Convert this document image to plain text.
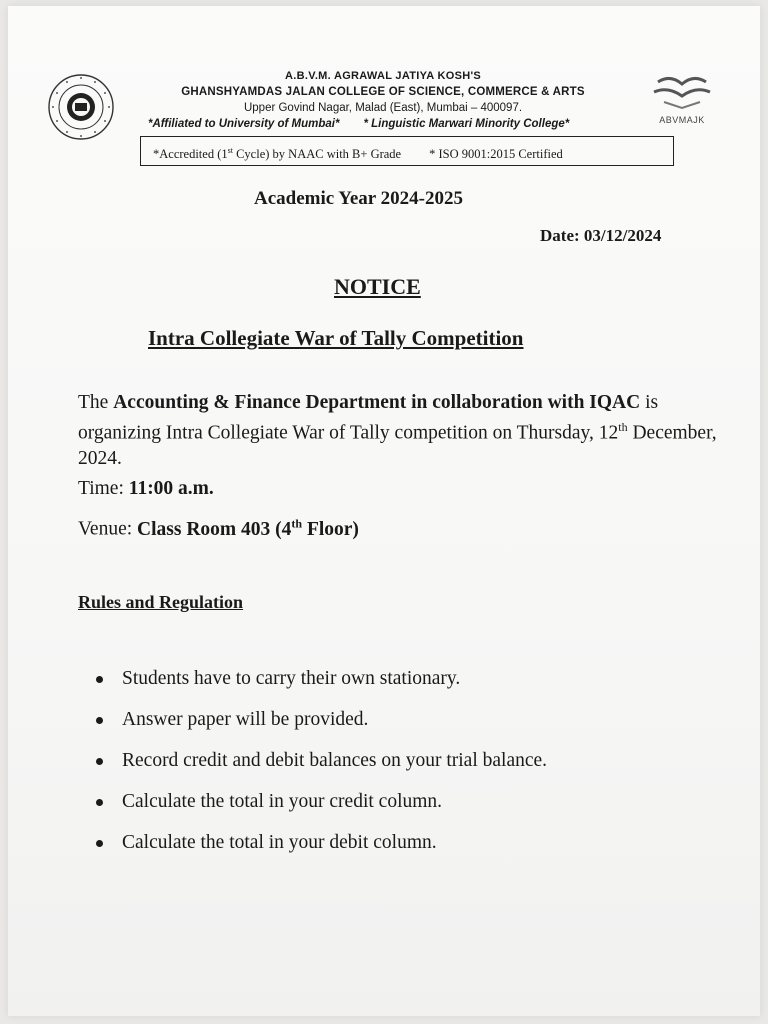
ABVMAJK
A.B.V.M. AGRAWAL JATIYA KOSH'S
GHANSHYAMDAS JALAN COLLEGE OF SCIENCE, COMMERCE & ARTS
Upper Govind Nagar, Malad (East), Mumbai – 400097.
*Affiliated to University of Mumbai* * Linguistic Marwari Minority College*
*Accredited (1st Cycle) by NAAC with B+ Grade * ISO 9001:2015 Certified
Academic Year 2024-2025
Date: 03/12/2024
NOTICE
Intra Collegiate War of Tally Competition
The Accounting & Finance Department in collaboration with IQAC is organizing Intra Collegiate War of Tally competition on Thursday, 12th December, 2024.
Time: 11:00 a.m.
Venue: Class Room 403 (4th Floor)
Rules and Regulation
Students have to carry their own stationary.
Answer paper will be provided.
Record credit and debit balances on your trial balance.
Calculate the total in your credit column.
Calculate the total in your debit column.
